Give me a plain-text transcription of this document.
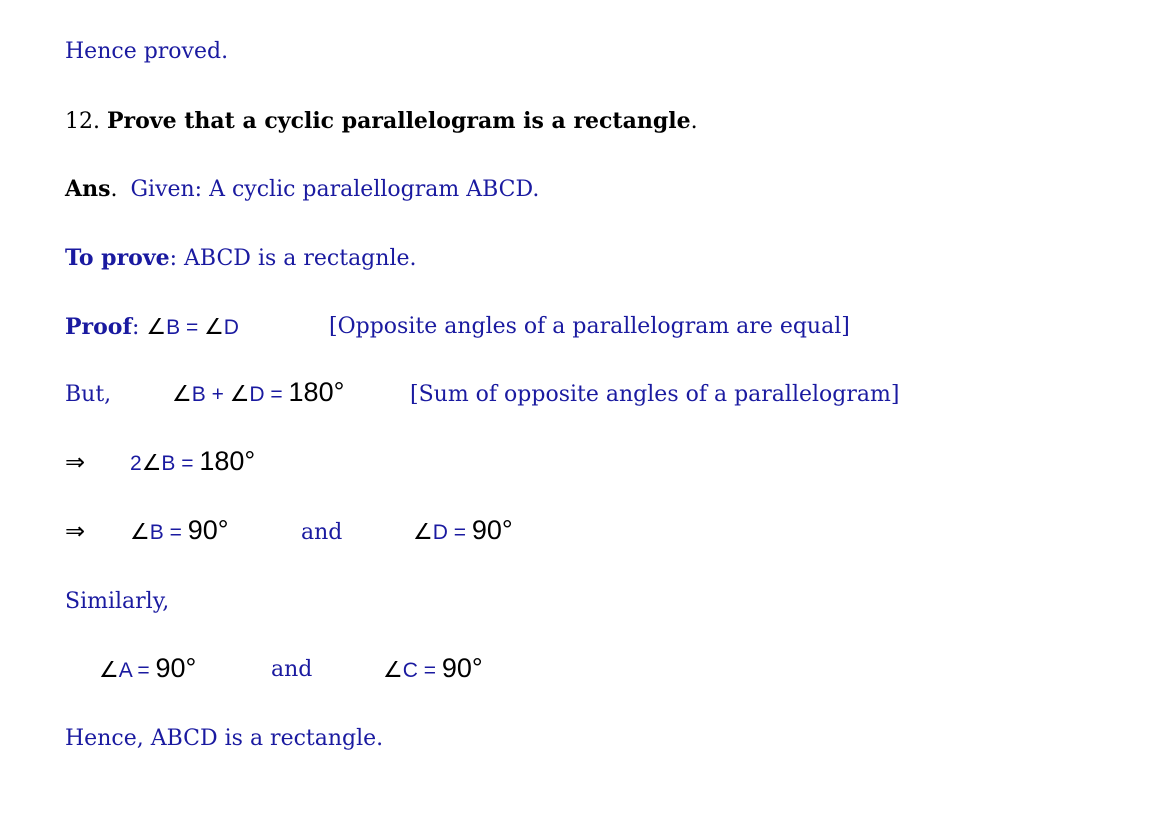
Hence proved.
12. Prove that a cyclic parallelogram is a rectangle.
Ans. Given: A cyclic paralellogram ABCD.
To prove: ABCD is a rectagnle.
Proof: ∠B = ∠D	[Opposite angles of a parallelogram are equal]
But,	∠B + ∠D = 180°	[Sum of opposite angles of a parallelogram]
⇒ 2∠B = 180°
⇒ ∠B = 90°	and	∠D = 90°
Similarly,
∠A = 90°	and	∠C = 90°
Hence, ABCD is a rectangle.
